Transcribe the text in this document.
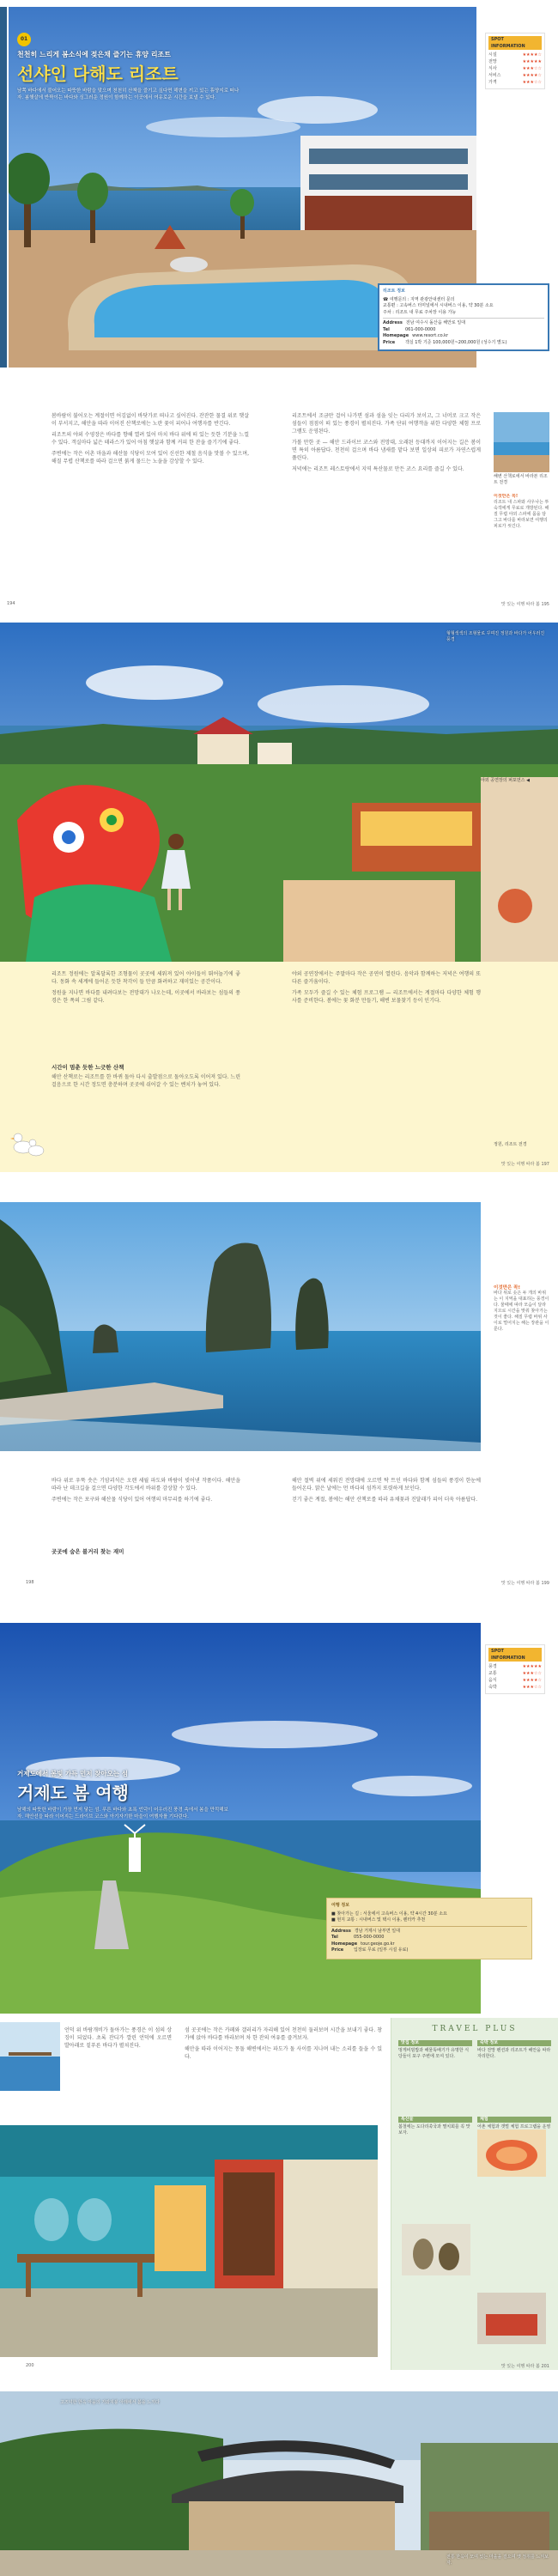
01
천천히 느리게 봄소식에 젖은채 즐기는 휴양 리조트
선샤인 다해도 리조트
남쪽 바다에서 불어오는 따뜻한 바람을 맞으며 천천히 산책을 즐기고 싶다면 해변을 끼고 있는 휴양지로 떠나자. 봄햇살에 반짝이는 바다와 싱그러운 정원이 함께하는 이곳에서 여유로운 시간을 보낼 수 있다.
SPOT INFORMATION
시설	★★★★☆
전망	★★★★★
식사	★★★☆☆
서비스	★★★★☆
가격	★★★☆☆
리조트 정보
☎ 여행문의 : 지역 관광안내센터 문의
교통편 : 고속버스 터미널에서 시내버스 이용, 약 30분 소요
주차 : 리조트 내 무료 주차장 이용 가능
Address 전남 여수시 돌산읍 해안로 일대
Tel	061-000-0000
Homepage www.resort.co.kr
Price	객실 1박 기준 100,000원~200,000원 (성수기 별도)

봄바람이 불어오는 계절이면 어김없이 바닷가로 떠나고 싶어진다. 잔잔한 물결 위로 햇살이 부서지고, 해안을 따라 이어진 산책로에는 노란 꽃이 피어나 여행자를 반긴다.

리조트의 야외 수영장은 바다를 향해 열려 있어 마치 바다 위에 떠 있는 듯한 기분을 느낄 수 있다. 객실마다 넓은 테라스가 있어 아침 햇살과 함께 커피 한 잔을 즐기기에 좋다.

주변에는 작은 어촌 마을과 해산물 식당이 모여 있어 신선한 제철 음식을 맛볼 수 있으며, 해질 무렵 산책로를 따라 걸으면 붉게 물드는 노을을 감상할 수 있다.

리조트에서 조금만 걸어 나가면 섬과 섬을 잇는 다리가 보이고, 그 너머로 크고 작은 섬들이 점점이 떠 있는 풍경이 펼쳐진다. 가족 단위 여행객을 위한 다양한 체험 프로그램도 운영된다.

가볼 만한 곳 — 해안 드라이브 코스와 전망대, 오래된 등대까지 이어지는 길은 봄이면 특히 아름답다. 천천히 걸으며 바다 냄새를 맡다 보면 일상의 피로가 자연스럽게 풀린다.

저녁에는 리조트 레스토랑에서 지역 특산물로 만든 코스 요리를 즐길 수 있다.

해변 산책로에서 바라본 리조트 전경
이것만은 꼭!
리조트 내 스파와 사우나는 투숙객에게 무료로 개방된다. 해질 무렵 야외 스파에 몸을 담그고 바다를 바라보면 여행의 피로가 씻긴다.
194	맛 있는 여행 따라 봄 195
형형색색의 조형물로 꾸며진 정원과 바다가 어우러진 풍경
야외 공연장의 퍼포먼스 ◀

리조트 정원에는 알록달록한 조형물이 곳곳에 세워져 있어 아이들이 뛰어놀기에 좋다. 동화 속 세계에 들어온 듯한 착각이 들 만큼 화려하고 재미있는 공간이다.

정원을 지나면 바다를 내려다보는 전망대가 나오는데, 이곳에서 바라보는 섬들의 풍경은 한 폭의 그림 같다.

시간이 멈춘 듯한 느긋한 산책

해안 산책로는 리조트를 한 바퀴 돌아 다시 출발점으로 돌아오도록 이어져 있다. 느린 걸음으로 한 시간 정도면 충분하며 곳곳에 쉬어갈 수 있는 벤치가 놓여 있다.

야외 공연장에서는 주말마다 작은 공연이 열린다. 음악과 함께하는 저녁은 여행의 또 다른 즐거움이다.

가족 모두가 즐길 수 있는 체험 프로그램 — 리조트에서는 계절마다 다양한 체험 행사를 준비한다. 봄에는 꽃 화분 만들기, 해변 보물찾기 등이 인기다.

정원, 리조트 전경
맛 있는 여행 따라 봄 197
이것만은 꼭!
바다 위로 솟은 두 개의 바위는 이 지역을 대표하는 풍경이다. 물때에 따라 모습이 달라지므로 시간을 맞춰 찾아가는 것이 좋다. 해질 무렵 바위 사이로 떨어지는 해는 장관을 이룬다.

바다 위로 우뚝 솟은 기암괴석은 오랜 세월 파도와 바람이 빚어낸 작품이다. 해안을 따라 난 데크길을 걸으면 다양한 각도에서 바위를 감상할 수 있다.

주변에는 작은 포구와 해산물 식당이 있어 여행의 마무리를 하기에 좋다.

곳곳에 숨은 볼거리 찾는 재미

해안 절벽 위에 세워진 전망대에 오르면 탁 트인 바다와 함께 섬들의 풍경이 한눈에 들어온다. 맑은 날에는 먼 바다의 섬까지 또렷하게 보인다.

걷기 좋은 계절, 봄에는 해안 산책로를 따라 유채꽃과 진달래가 피어 더욱 아름답다.

198	맛 있는 여행 따라 봄 199
거제도에서 봄빛 가득 먼저 찾아오는 섬
거제도 봄 여행
남해의 따뜻한 바람이 가장 먼저 닿는 섬. 푸른 바다와 초록 언덕이 어우러진 풍경 속에서 봄을 만끽해보자. 해안선을 따라 이어지는 드라이브 코스와 아기자기한 마을이 여행자를 기다린다.
SPOT INFORMATION
풍경	★★★★★
교통	★★★☆☆
음식	★★★★☆
숙박	★★★☆☆
여행 정보
■ 찾아가는 길 : 서울에서 고속버스 이용, 약 4시간 30분 소요
■ 현지 교통 : 시내버스 및 택시 이용, 렌터카 추천
Address 경남 거제시 남부면 일대
Tel	055-000-0000
Homepage tour.geoje.go.kr
Price	입장료 무료 (일부 시설 유료)

언덕 위 바람개비가 돌아가는 풍경은 이 섬의 상징이 되었다. 초록 잔디가 깔린 언덕에 오르면 발아래로 짙푸른 바다가 펼쳐진다.

섬 곳곳에는 작은 카페와 갤러리가 자리해 있어 천천히 둘러보며 시간을 보내기 좋다. 창가에 앉아 바다를 바라보며 차 한 잔의 여유를 즐겨보자.

해안을 따라 이어지는 몽돌 해변에서는 파도가 돌 사이를 지나며 내는 소리를 들을 수 있다.

200
TRAVEL PLUS
맛집 정보
멍게비빔밥과 해물뚝배기가 유명한 식당들이 포구 주변에 모여 있다.
숙박 정보
바다 전망 펜션과 리조트가 해안을 따라 자리한다.
특산물
봄철에는 도다리쑥국과 멸치회를 꼭 맛보자.
체험
어촌 체험과 갯벌 체험 프로그램을 운영
맛 있는 여행 따라 봄 201
고즈넉한 한옥 마을의 기와지붕 아래에서 봄을 느끼다
전통 한옥이 모여 있는 마을을 걸으며 옛 정취를 느껴보자.
